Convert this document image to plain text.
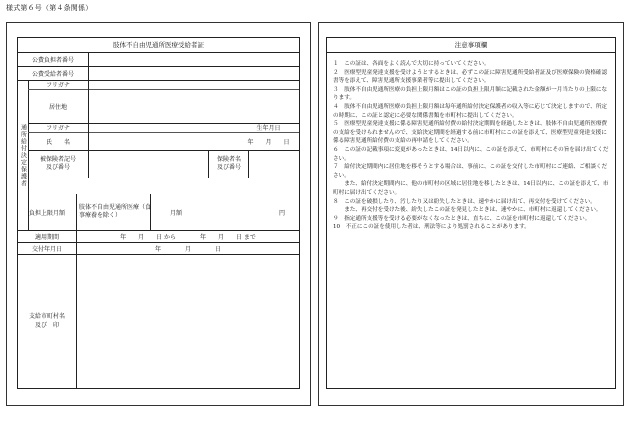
様式第６号（第４条関係）
肢体不自由児通所医療受給者証
公費負担者番号
公費受給者番号
通所給付決定保護者
フリガナ
居住地
フリガナ	生年月日
氏　　名	年　　月　　日
被保険者記号
及び番号
保険者名
及び番号
負担上限月額
肢体不自由児通所医療（食事療養を除く）	月額	円
適用期間	年　　月　　日 から　　　　年　　月　　日 まで
交付年月日	年　　　　月　　　　日
支給市町村名
及び　印
注意事項欄

１　この証は、各面をよく読んで大切に持っていてください。

２　医療型児童発達支援を受けようとするときは、必ずこの証に障害児通所受給者証及び医療保険の資格確認書等を添えて、障害児通所支援事業者等に提出してください。

３　肢体不自由児通所医療の負担上限月額はこの証の負担上限月額に記載された金額が一月当たりの上限になります。

４　肢体不自由児通所医療の負担上限月額は毎年通所給付決定保護者の収入等に応じて決定しますので、所定の時期に、この証と認定に必要な関係書類を市町村に提出してください。

５　医療型児童発達支援に係る障害児通所給付費の給付決定期間を経過したときは、肢体不自由児通所医療費の支給を受けられませんので、支給決定期間を経過する前に市町村にこの証を添えて、医療型児童発達支援に係る障害児通所給付費の支給の再申請をしてください。

６　この証の記載事項に変更があったときは、14日以内に、この証を添えて、市町村にその旨を届け出てください。

７　給付決定期間内に居住地を移そうとする場合は、事前に、この証を交付した市町村にご連絡、ご相談ください。

　　また、給付決定期間内に、他の市町村の区域に居住地を移したときは、14日以内に、この証を添えて、市町村に届け出てください。

８　この証を破損したり、汚したり又は紛失したときは、速やかに届け出て、再交付を受けてください。

　　また、再交付を受けた後、紛失したこの証を発見したときは、速やかに、市町村に返還してください。

９　指定通所支援等を受ける必要がなくなったときは、直ちに、この証を市町村に返還してください。

10　不正にこの証を使用した者は、刑法等により処罰されることがあります。
